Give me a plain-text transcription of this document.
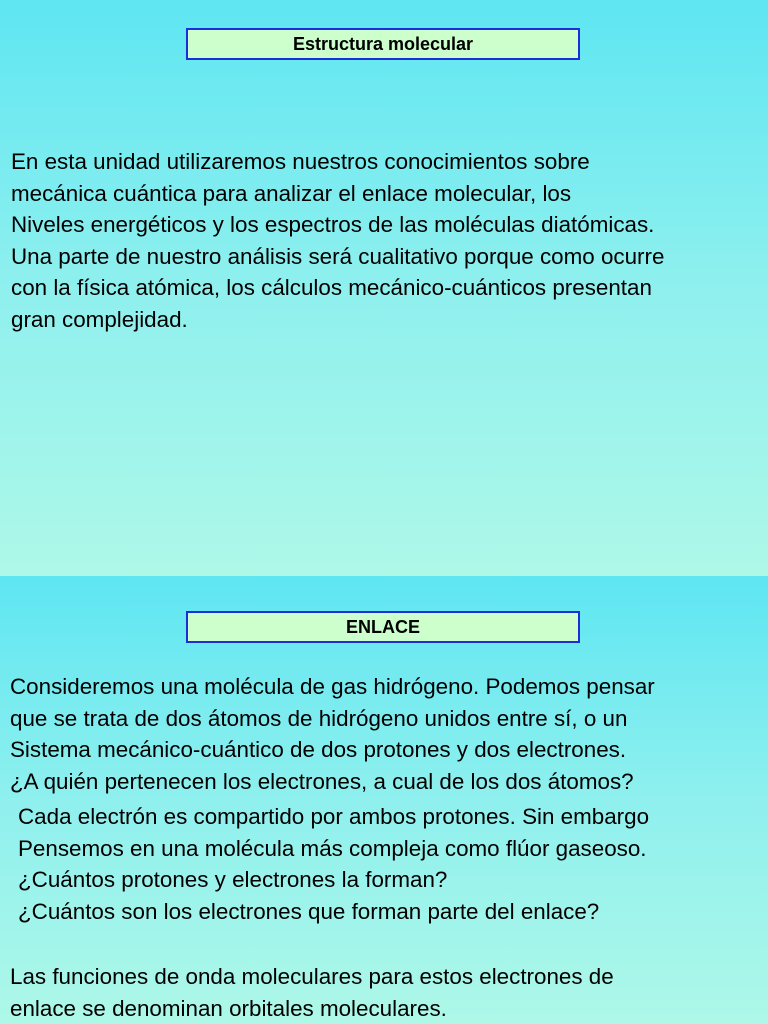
Estructura molecular

En esta unidad utilizaremos nuestros conocimientos sobre
mecánica cuántica para analizar el enlace molecular, los
Niveles energéticos y los espectros de las moléculas diatómicas.
Una parte de nuestro análisis será cualitativo porque como ocurre
con la física atómica, los cálculos mecánico-cuánticos presentan
gran complejidad.

ENLACE

Consideremos una molécula de gas hidrógeno. Podemos pensar
que se trata de dos átomos de hidrógeno unidos entre sí, o un
Sistema mecánico-cuántico de dos protones y dos electrones.
¿A quién pertenecen los electrones, a cual de los dos átomos?

Cada electrón es compartido por ambos protones. Sin embargo
Pensemos en una molécula más compleja como flúor gaseoso.
¿Cuántos protones y electrones la forman?
¿Cuántos son los electrones que forman parte del enlace?

Las funciones de onda moleculares para estos electrones de
enlace se denominan orbitales moleculares.
